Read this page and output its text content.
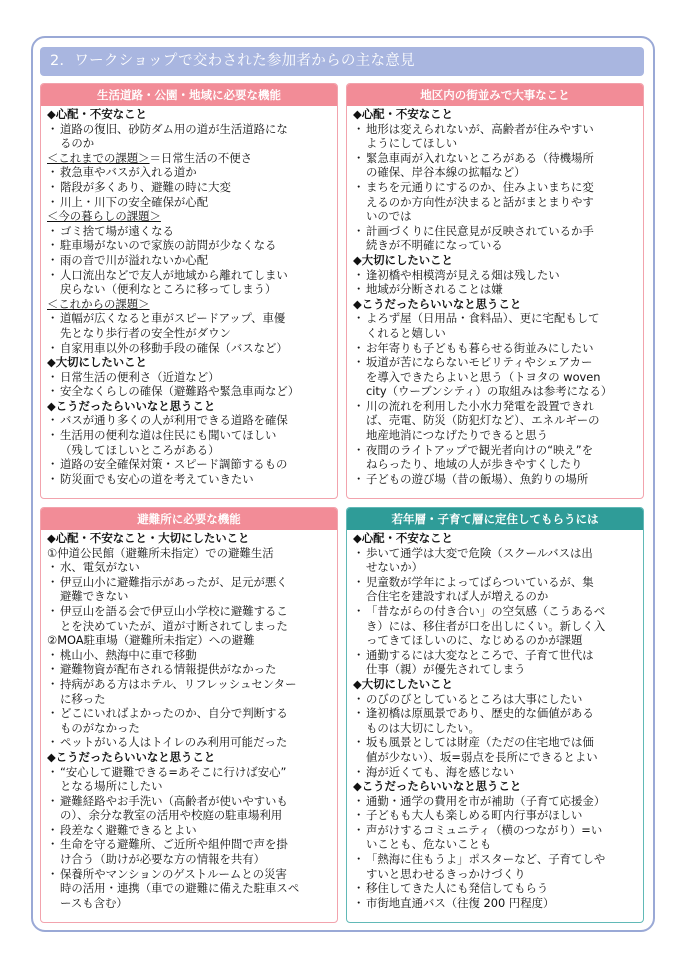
2．ワークショップで交わされた参加者からの主な意見
生活道路・公園・地域に必要な機能
◆心配・不安なこと
・ 道路の復旧、砂防ダム用の道が生活道路にな
るのか
＜これまでの課題＞＝日常生活の不便さ
・ 救急車やバスが入れる道か
・ 階段が多くあり、避難の時に大変
・ 川上・川下の安全確保が心配
＜今の暮らしの課題＞
・ ゴミ捨て場が遠くなる
・ 駐車場がないので家族の訪問が少なくなる
・ 雨の音で川が溢れないか心配
・ 人口流出などで友人が地域から離れてしまい
戻らない（便利なところに移ってしまう）
＜これからの課題＞
・ 道幅が広くなると車がスピードアップ、車優
先となり歩行者の安全性がダウン
・ 自家用車以外の移動手段の確保（バスなど）
◆大切にしたいこと
・ 日常生活の便利さ（近道など）
・ 安全なくらしの確保（避難路や緊急車両など）
◆こうだったらいいなと思うこと
・ バスが通り多くの人が利用できる道路を確保
・ 生活用の便利な道は住民にも聞いてほしい
（残してほしいところがある）
・ 道路の安全確保対策・スピード調節するもの
・ 防災面でも安心の道を考えていきたい
地区内の街並みで大事なこと
◆心配・不安なこと
・ 地形は変えられないが、高齢者が住みやすい
ようにしてほしい
・ 緊急車両が入れないところがある（待機場所
の確保、岸谷本線の拡幅など）
・ まちを元通りにするのか、住みよいまちに変
えるのか方向性が決まると話がまとまりやす
いのでは
・ 計画づくりに住民意見が反映されているか手
続きが不明確になっている
◆大切にしたいこと
・ 逢初橋や相模湾が見える畑は残したい
・ 地域が分断されることは嫌
◆こうだったらいいなと思うこと
・ よろず屋（日用品・食料品）、更に宅配もして
くれると嬉しい
・ お年寄りも子どもも暮らせる街並みにしたい
・ 坂道が苦にならないモビリティやシェアカー
を導入できたらよいと思う（トヨタの woven
city（ウーブンシティ）の取組みは参考になる）
・ 川の流れを利用した小水力発電を設置できれ
ば、売電、防災（防犯灯など）、エネルギーの
地産地消につなげたりできると思う
・ 夜間のライトアップで観光者向けの“映え”を
ねらったり、地域の人が歩きやすくしたり
・ 子どもの遊び場（昔の飯場）、魚釣りの場所
避難所に必要な機能
◆心配・不安なこと・大切にしたいこと
①仲道公民館（避難所未指定）での避難生活
・ 水、電気がない
・ 伊豆山小に避難指示があったが、足元が悪く
避難できない
・ 伊豆山を語る会で伊豆山小学校に避難するこ
とを決めていたが、道が寸断されてしまった
②MOA駐車場（避難所未指定）への避難
・ 桃山小、熱海中に車で移動
・ 避難物資が配布される情報提供がなかった
・ 持病がある方はホテル、リフレッシュセンター
に移った
・ どこにいればよかったのか、自分で判断する
ものがなかった
・ ペットがいる人はトイレのみ利用可能だった
◆こうだったらいいなと思うこと
・ “安心して避難できる=あそこに行けば安心”
となる場所にしたい
・ 避難経路やお手洗い（高齢者が使いやすいも
の）、余分な教室の活用や校庭の駐車場利用
・ 段差なく避難できるとよい
・ 生命を守る避難所、ご近所や組仲間で声を掛
け合う（助けが必要な方の情報を共有）
・ 保養所やマンションのゲストルームとの災害
時の活用・連携（車での避難に備えた駐車スペ
ースも含む）
若年層・子育て層に定住してもらうには
◆心配・不安なこと
・ 歩いて通学は大変で危険（スクールバスは出
せないか）
・ 児童数が学年によってばらついているが、集
合住宅を建設すれば人が増えるのか
・ 「昔ながらの付き合い」の空気感（こうあるべ
き）には、移住者が口を出しにくい。新しく入
ってきてほしいのに、なじめるのかが課題
・ 通勤するには大変なところで、子育て世代は
仕事（親）が優先されてしまう
◆大切にしたいこと
・ のびのびとしているところは大事にしたい
・ 逢初橋は原風景であり、歴史的な価値がある
ものは大切にしたい。
・ 坂も風景としては財産（ただの住宅地では価
値が少ない）、坂=弱点を長所にできるとよい
・ 海が近くても、海を感じない
◆こうだったらいいなと思うこと
・ 通勤・通学の費用を市が補助（子育て応援金）
・ 子どもも大人も楽しめる町内行事がほしい
・ 声がけするコミュニティ（横のつながり）=い
いことも、危ないことも
・ 「熱海に住もうよ」ポスターなど、子育てしや
すいと思わせるきっかけづくり
・ 移住してきた人にも発信してもらう
・ 市街地直通バス（往復 200 円程度）
